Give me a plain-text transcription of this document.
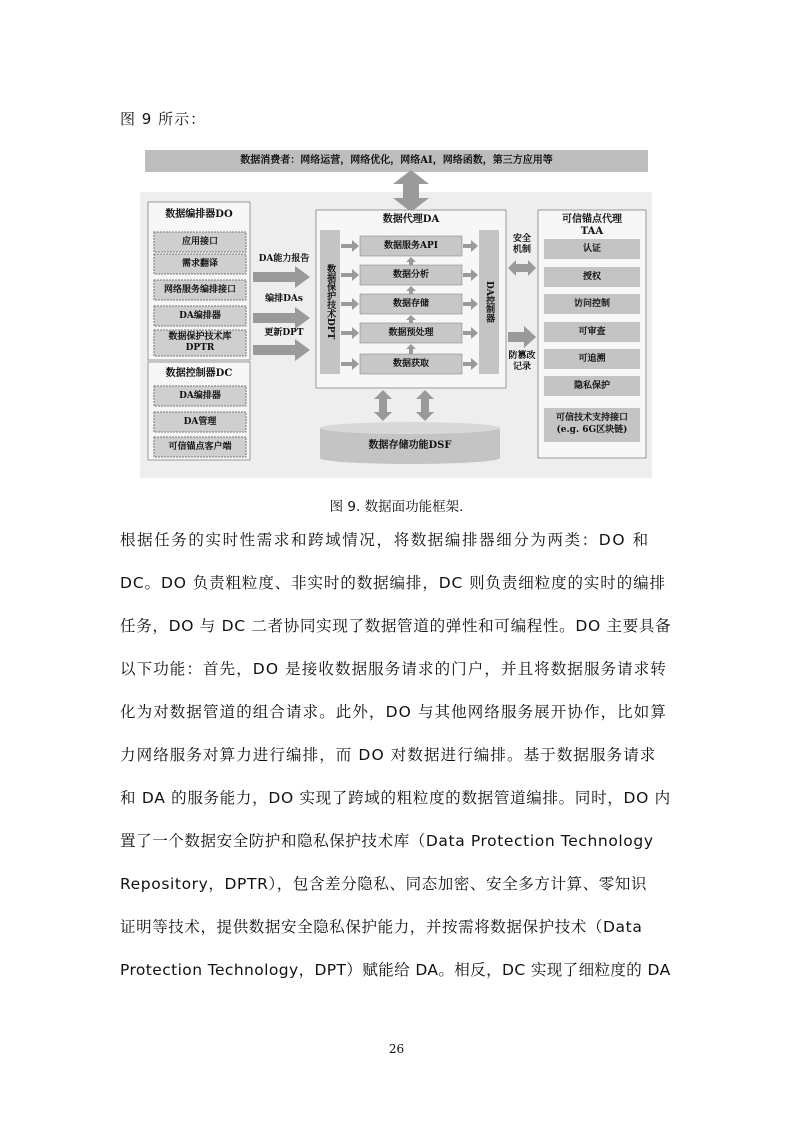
图 9 所示：
数据消费者：网络运营，网络优化，网络AI，网络函数，第三方应用等
数据编排器DO
应用接口
需求翻译
网络服务编排接口
DA编排器
数据保护技术库
DPTR
数据控制器DC
DA编排器
DA管理
可信锚点客户端
DA能力报告
编排DAs
更新DPT
数据代理DA
数据保护技术DPT	DA控制器
数据服务API
数据分析
数据存储
数据预处理
数据获取
安全
机制
防篡改
记录
可信锚点代理
TAA
认证
授权
访问控制
可审查
可追溯
隐私保护
可信技术支持接口
(e.g. 6G区块链)
数据存储功能DSF
图 9. 数据面功能框架.
根据任务的实时性需求和跨域情况，将数据编排器细分为两类：DO 和
DC。DO 负责粗粒度、非实时的数据编排，DC 则负责细粒度的实时的编排
任务，DO 与 DC 二者协同实现了数据管道的弹性和可编程性。DO 主要具备
以下功能：首先，DO 是接收数据服务请求的门户，并且将数据服务请求转
化为对数据管道的组合请求。此外，DO 与其他网络服务展开协作，比如算
力网络服务对算力进行编排，而 DO 对数据进行编排。基于数据服务请求
和 DA 的服务能力，DO 实现了跨域的粗粒度的数据管道编排。同时，DO 内
置了一个数据安全防护和隐私保护技术库（Data Protection Technology
Repository，DPTR），包含差分隐私、同态加密、安全多方计算、零知识
证明等技术，提供数据安全隐私保护能力，并按需将数据保护技术（Data
Protection Technology，DPT）赋能给 DA。相反，DC 实现了细粒度的 DA
26
